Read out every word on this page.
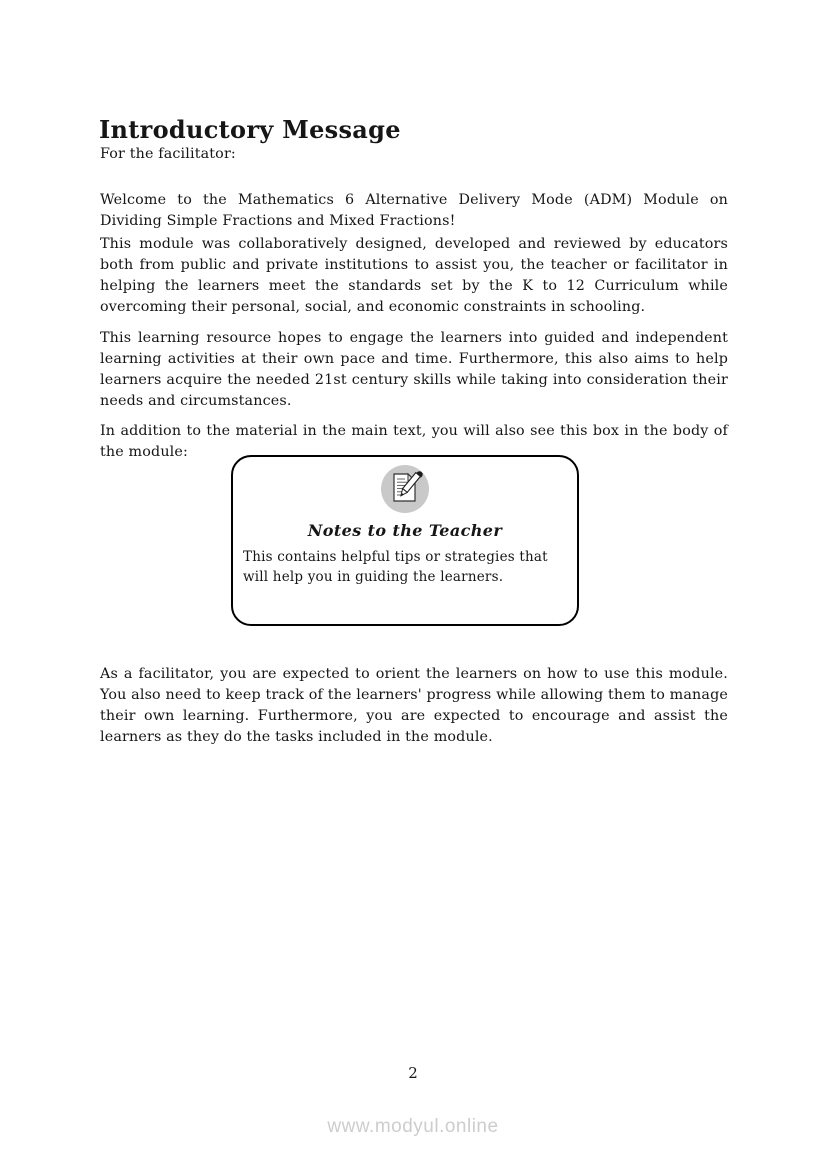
Introductory Message
For the facilitator:

Welcome to the Mathematics 6 Alternative Delivery Mode (ADM) Module on Dividing Simple Fractions and Mixed Fractions!

This module was collaboratively designed, developed and reviewed by educators both from public and private institutions to assist you, the teacher or facilitator in helping the learners meet the standards set by the K to 12 Curriculum while overcoming their personal, social, and economic constraints in schooling.

This learning resource hopes to engage the learners into guided and independent learning activities at their own pace and time. Furthermore, this also aims to help learners acquire the needed 21st century skills while taking into consideration their needs and circumstances.

In addition to the material in the main text, you will also see this box in the body of the module:

Notes to the Teacher
This contains helpful tips or strategies that will help you in guiding the learners.

As a facilitator, you are expected to orient the learners on how to use this module. You also need to keep track of the learners' progress while allowing them to manage their own learning. Furthermore, you are expected to encourage and assist the learners as they do the tasks included in the module.

2
www.modyul.online
